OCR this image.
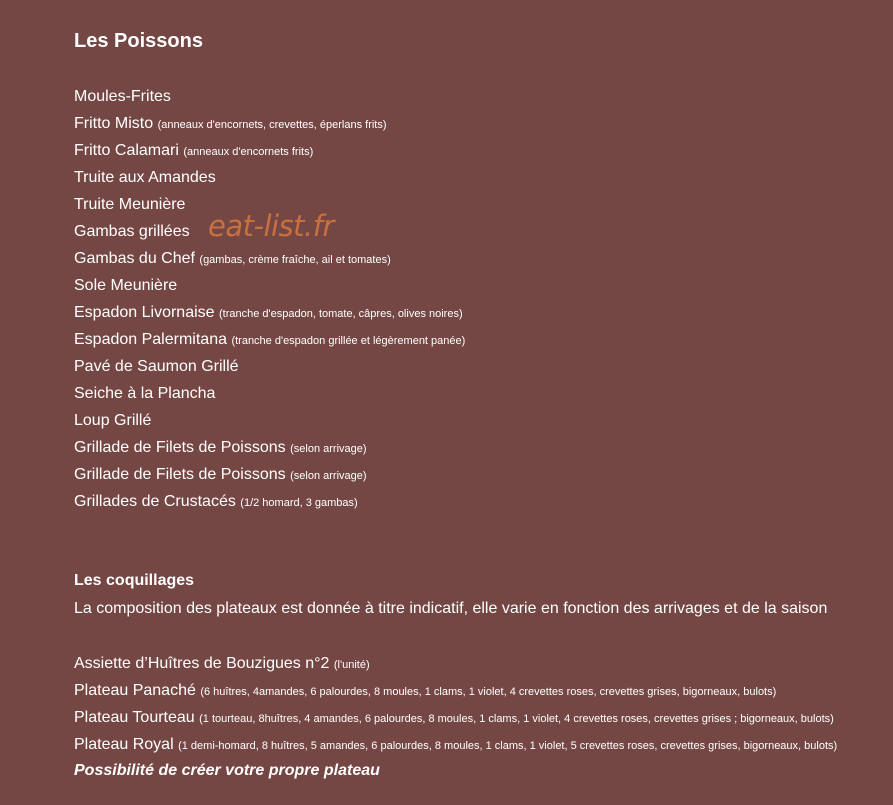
Les Poissons
Moules-Frites
Fritto Misto (anneaux d'encornets, crevettes, éperlans frits)
Fritto Calamari (anneaux d'encornets frits)
Truite aux Amandes
Truite Meunière
Gambas grillées
Gambas du Chef (gambas, crème fraîche, ail et tomates)
Sole Meunière
Espadon Livornaise (tranche d'espadon, tomate, câpres, olives noires)
Espadon Palermitana (tranche d'espadon grillée et légèrement panée)
Pavé de Saumon Grillé
Seiche à la Plancha
Loup Grillé
Grillade de Filets de Poissons (selon arrivage)
Grillade de Filets de Poissons (selon arrivage)
Grillades de Crustacés (1/2 homard, 3 gambas)
Les coquillages
La composition des plateaux est donnée à titre indicatif, elle varie en fonction des arrivages et de la saison
Assiette d’Huîtres de Bouzigues n°2 (l'unité)
Plateau Panaché (6 huîtres, 4amandes, 6 palourdes, 8 moules, 1 clams, 1 violet, 4 crevettes roses, crevettes grises, bigorneaux, bulots)
Plateau Tourteau (1 tourteau, 8huîtres, 4 amandes, 6 palourdes, 8 moules, 1 clams, 1 violet, 4 crevettes roses, crevettes grises ; bigorneaux, bulots)
Plateau Royal (1 demi-homard, 8 huîtres, 5 amandes, 6 palourdes, 8 moules, 1 clams, 1 violet, 5 crevettes roses, crevettes grises, bigorneaux, bulots)
Possibilité de créer votre propre plateau
eat-list.fr
